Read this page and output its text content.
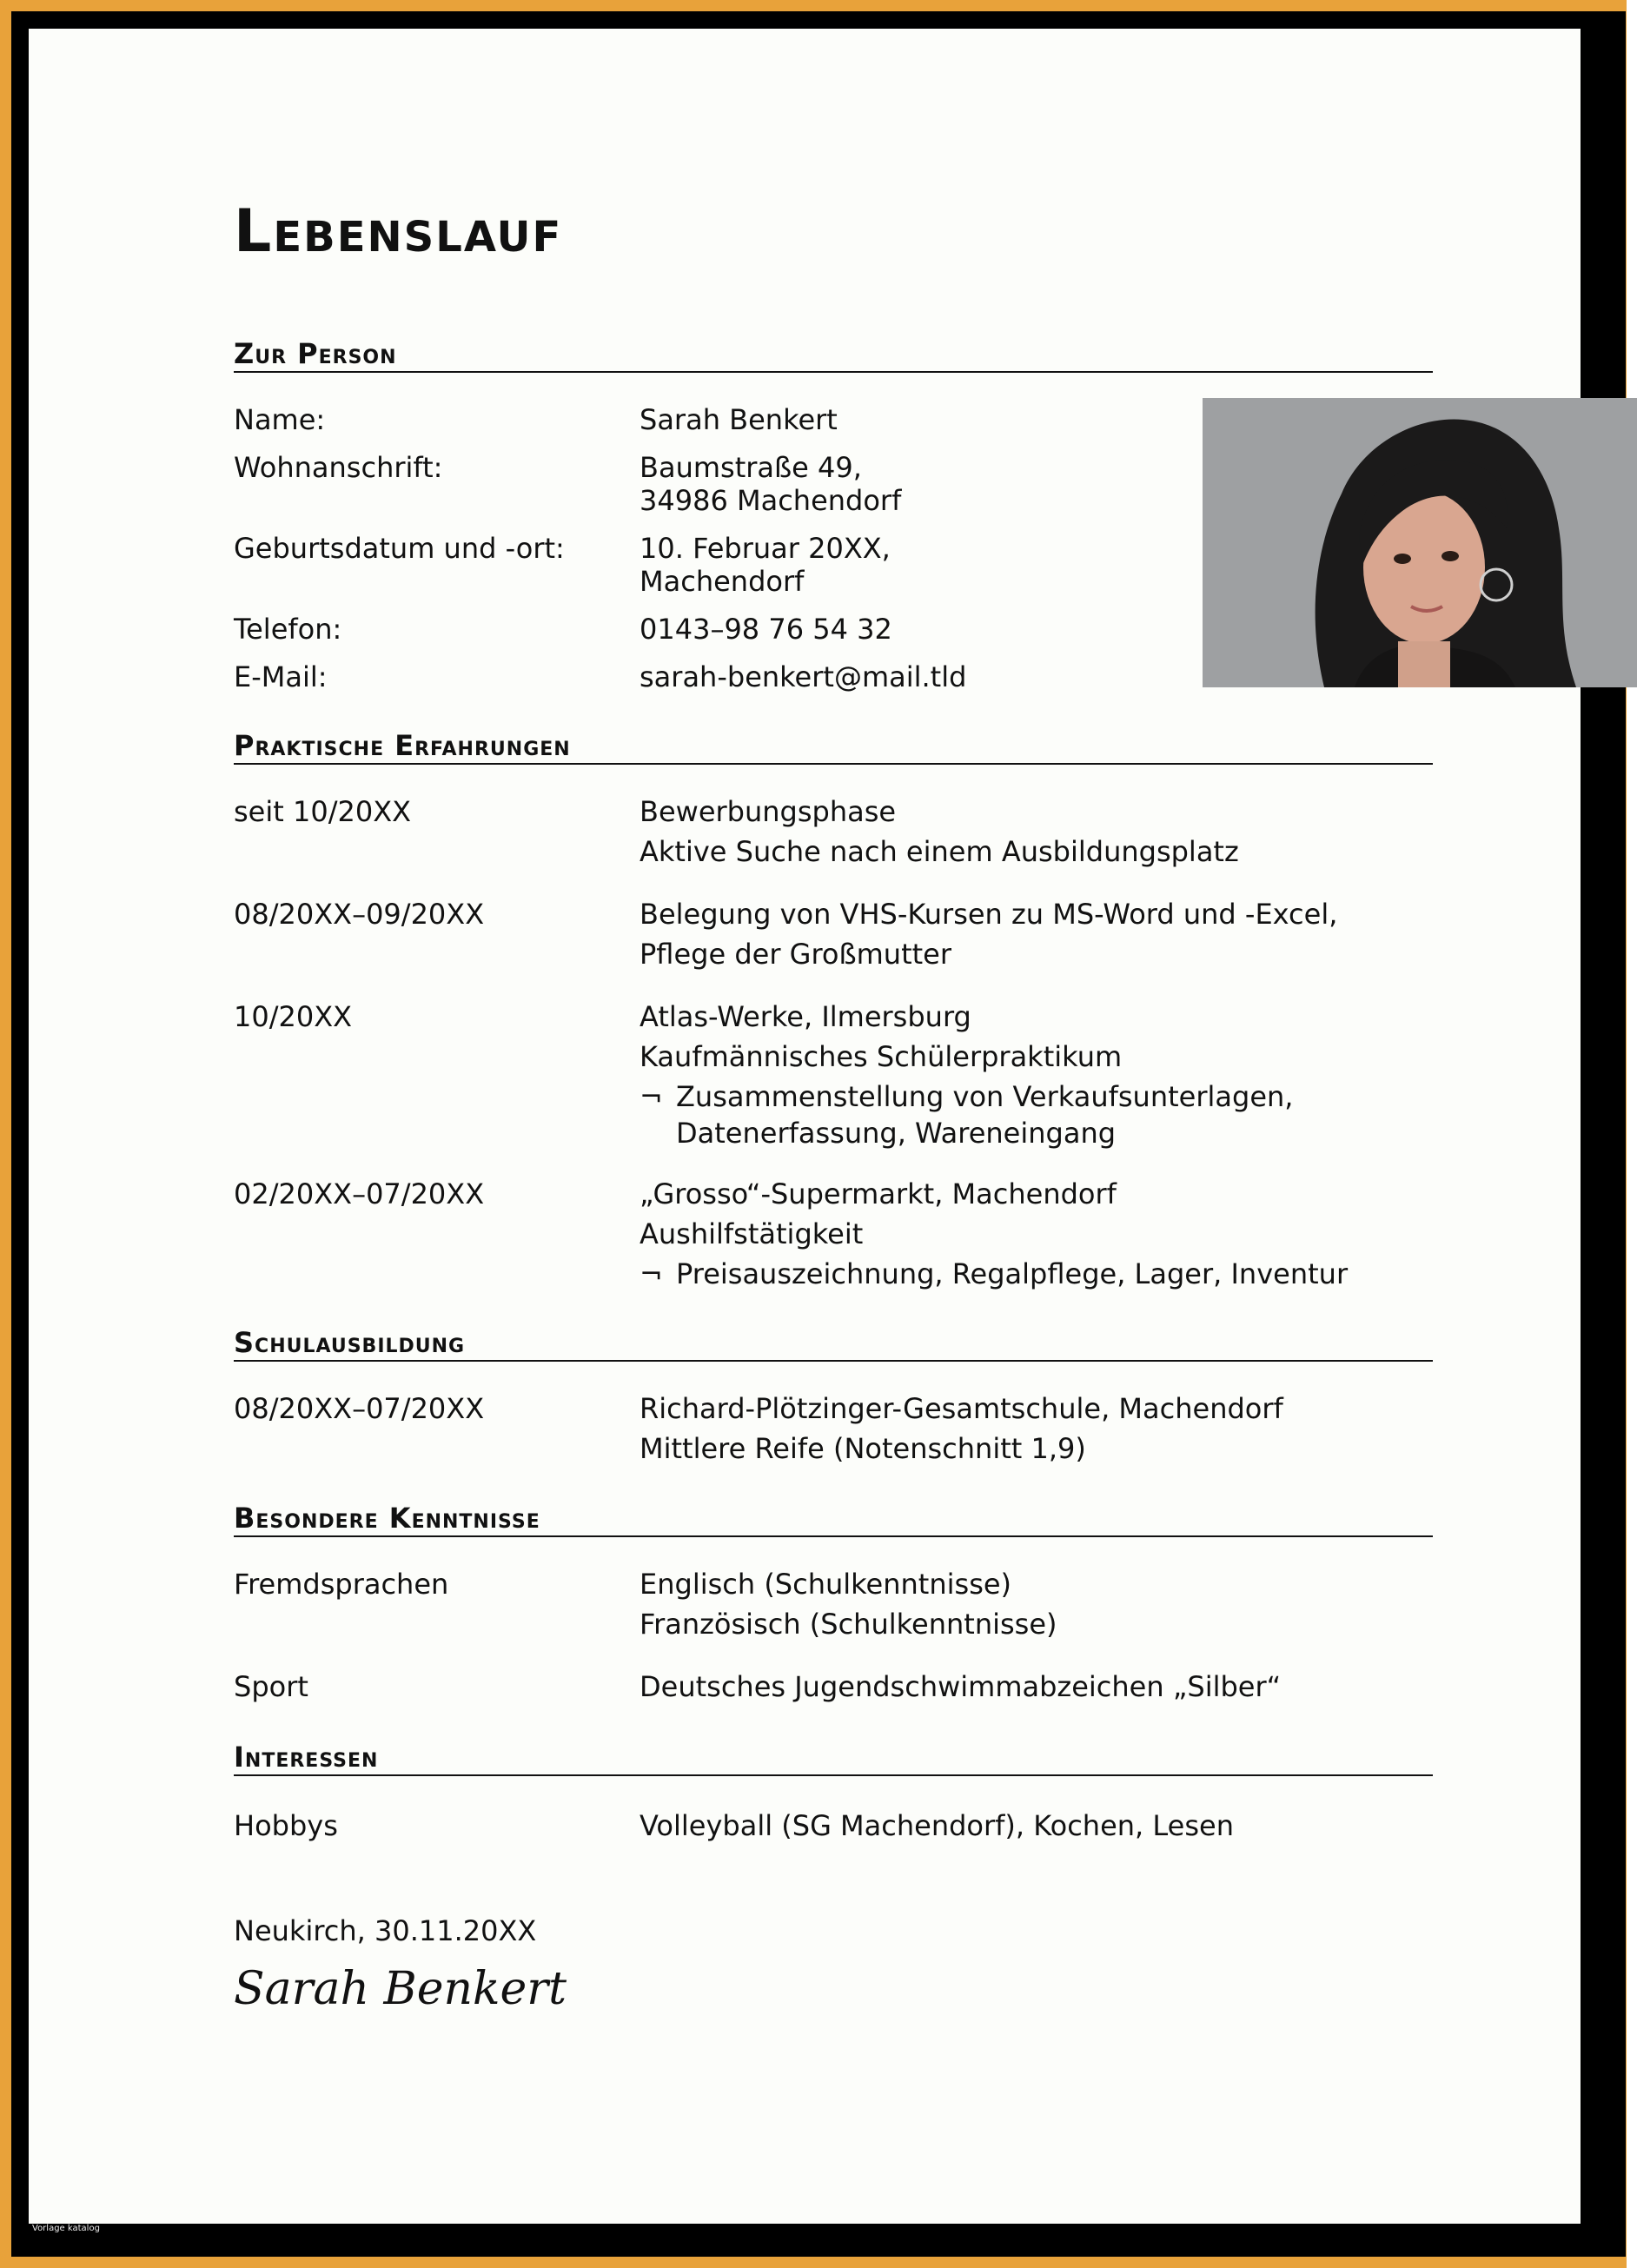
Lebenslauf
Zur Person
Name:	Sarah Benkert
Wohnanschrift:	Baumstraße 49,
34986 Machendorf
Geburtsdatum und -ort:	10. Februar 20XX,
Machendorf
Telefon:	0143–98 76 54 32
E-Mail:	sarah-benkert@mail.tld
Praktische Erfahrungen
seit 10/20XX	Bewerbungsphase
Aktive Suche nach einem Ausbildungsplatz
08/20XX–09/20XX	Belegung von VHS-Kursen zu MS-Word und -Excel,
Pflege der Großmutter
10/20XX	Atlas-Werke, Ilmersburg
Kaufmännisches Schülerpraktikum
¬ Zusammenstellung von Verkaufsunterlagen,
Datenerfassung, Wareneingang
02/20XX–07/20XX	„Grosso“-Supermarkt, Machendorf
Aushilfstätigkeit
¬ Preisauszeichnung, Regalpflege, Lager, Inventur
Schulausbildung
08/20XX–07/20XX	Richard-Plötzinger-Gesamtschule, Machendorf
Mittlere Reife (Notenschnitt 1,9)
Besondere Kenntnisse
Fremdsprachen	Englisch (Schulkenntnisse)
Französisch (Schulkenntnisse)
Sport	Deutsches Jugendschwimmabzeichen „Silber“
Interessen
Hobbys	Volleyball (SG Machendorf), Kochen, Lesen
Neukirch, 30.11.20XX
Sarah Benkert
Vorlage katalog
